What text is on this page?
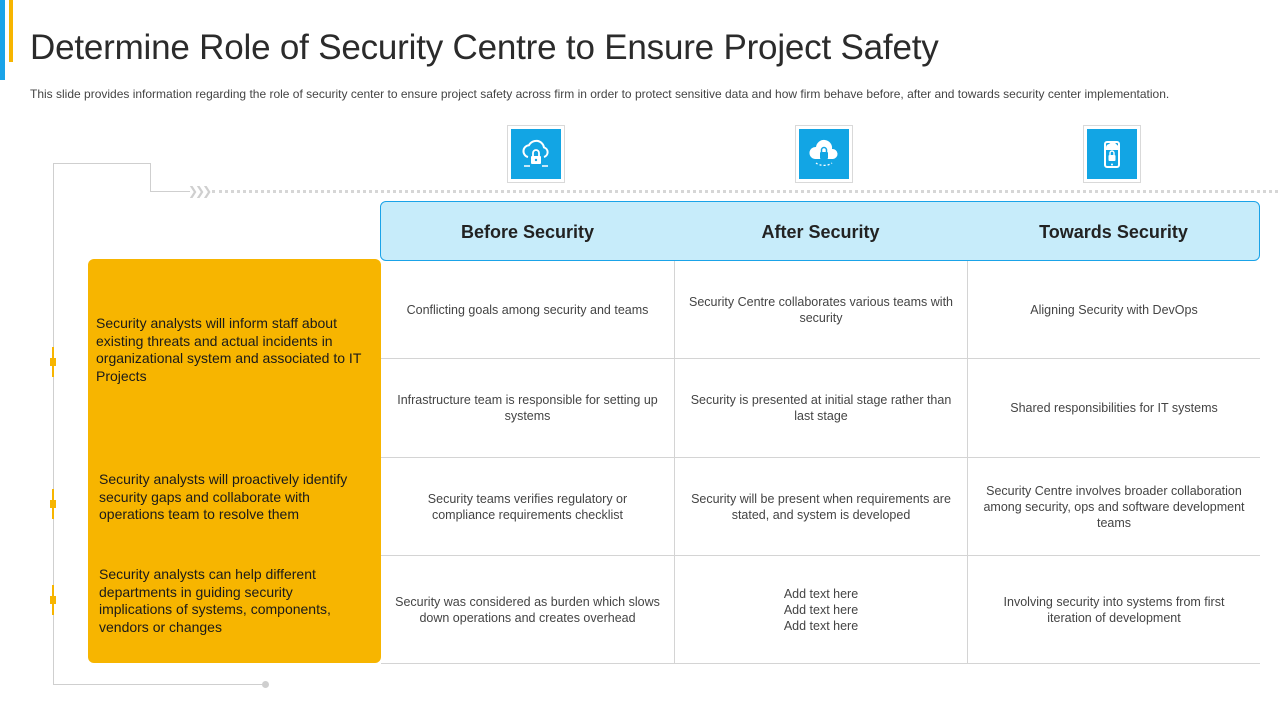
Determine Role of Security Centre to Ensure Project Safety

This slide provides information regarding the role of security center to ensure project safety across firm in order to protect sensitive data and how firm behave before, after and towards security center implementation.

❯❯❯
Before Security	After Security	Towards Security
Security analysts will inform staff about existing threats and actual incidents in organizational system and associated to IT Projects
Security analysts will proactively identify security gaps and collaborate with operations team to resolve them
Security analysts can help different departments in guiding security implications of systems, components, vendors or changes
Conflicting goals among security and teams
Security Centre collaborates various teams with security
Aligning Security with DevOps
Infrastructure team is responsible for setting up systems
Security is presented at initial stage rather than last stage
Shared responsibilities for IT systems
Security teams verifies regulatory or compliance requirements checklist
Security will be present when requirements are stated, and system is developed
Security Centre involves broader collaboration among security, ops and software development teams
Security was considered as burden which slows down operations and creates overhead
Add text here
Add text here
Add text here
Involving security into systems from first iteration of development
